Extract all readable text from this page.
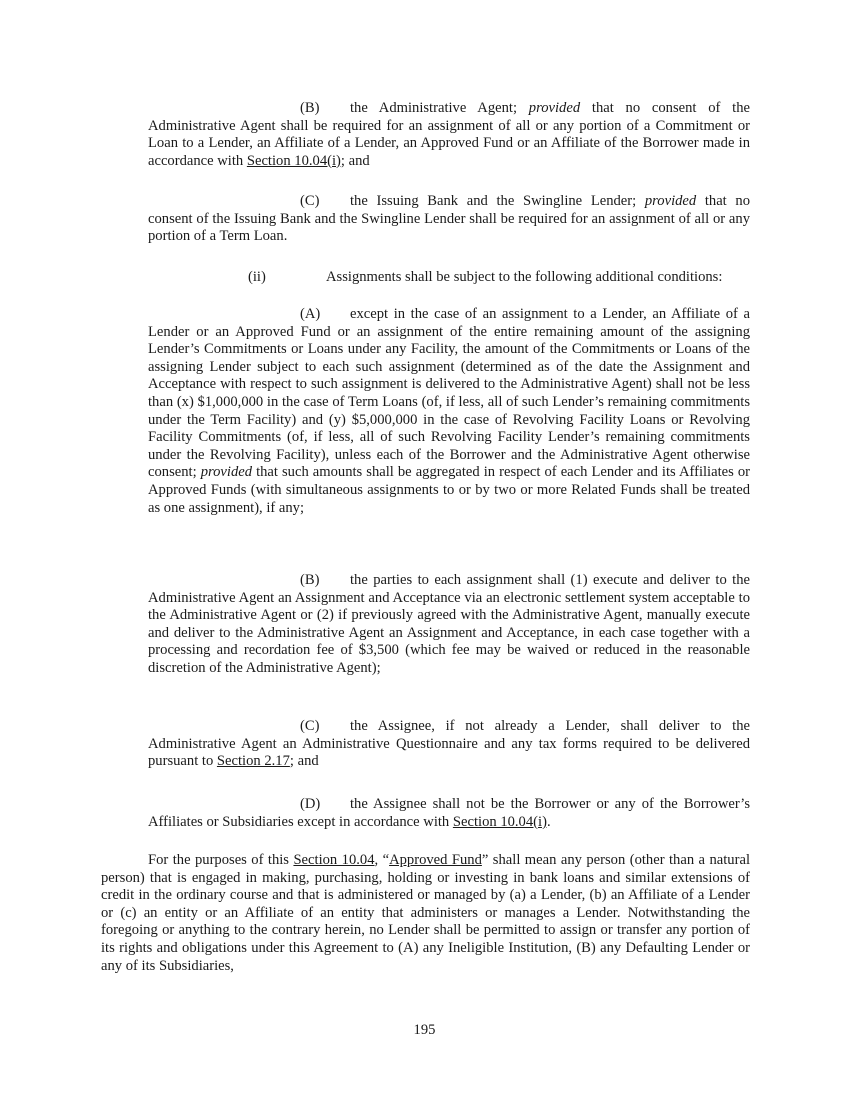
(B) the Administrative Agent; provided that no consent of the Administrative Agent shall be required for an assignment of all or any portion of a Commitment or Loan to a Lender, an Affiliate of a Lender, an Approved Fund or an Affiliate of the Borrower made in accordance with Section 10.04(i); and

(C) the Issuing Bank and the Swingline Lender; provided that no consent of the Issuing Bank and the Swingline Lender shall be required for an assignment of all or any portion of a Term Loan.

(ii)	Assignments shall be subject to the following additional conditions:

(A) except in the case of an assignment to a Lender, an Affiliate of a Lender or an Approved Fund or an assignment of the entire remaining amount of the assigning Lender’s Commitments or Loans under any Facility, the amount of the Commitments or Loans of the assigning Lender subject to each such assignment (determined as of the date the Assignment and Acceptance with respect to such assignment is delivered to the Administrative Agent) shall not be less than (x) $1,000,000 in the case of Term Loans (of, if less, all of such Lender’s remaining commitments under the Term Facility) and (y) $5,000,000 in the case of Revolving Facility Loans or Revolving Facility Commitments (of, if less, all of such Revolving Facility Lender’s remaining commitments under the Revolving Facility), unless each of the Borrower and the Administrative Agent otherwise consent; provided that such amounts shall be aggregated in respect of each Lender and its Affiliates or Approved Funds (with simultaneous assignments to or by two or more Related Funds shall be treated as one assignment), if any;

(B) the parties to each assignment shall (1) execute and deliver to the Administrative Agent an Assignment and Acceptance via an electronic settlement system acceptable to the Administrative Agent or (2) if previously agreed with the Administrative Agent, manually execute and deliver to the Administrative Agent an Assignment and Acceptance, in each case together with a processing and recordation fee of $3,500 (which fee may be waived or reduced in the reasonable discretion of the Administrative Agent);

(C) the Assignee, if not already a Lender, shall deliver to the Administrative Agent an Administrative Questionnaire and any tax forms required to be delivered pursuant to Section 2.17; and

(D) the Assignee shall not be the Borrower or any of the Borrower’s Affiliates or Subsidiaries except in accordance with Section 10.04(i).

For the purposes of this Section 10.04, “Approved Fund” shall mean any person (other than a natural person) that is engaged in making, purchasing, holding or investing in bank loans and similar extensions of credit in the ordinary course and that is administered or managed by (a) a Lender, (b) an Affiliate of a Lender or (c) an entity or an Affiliate of an entity that administers or manages a Lender. Notwithstanding the foregoing or anything to the contrary herein, no Lender shall be permitted to assign or transfer any portion of its rights and obligations under this Agreement to (A) any Ineligible Institution, (B) any Defaulting Lender or any of its Subsidiaries,

195
